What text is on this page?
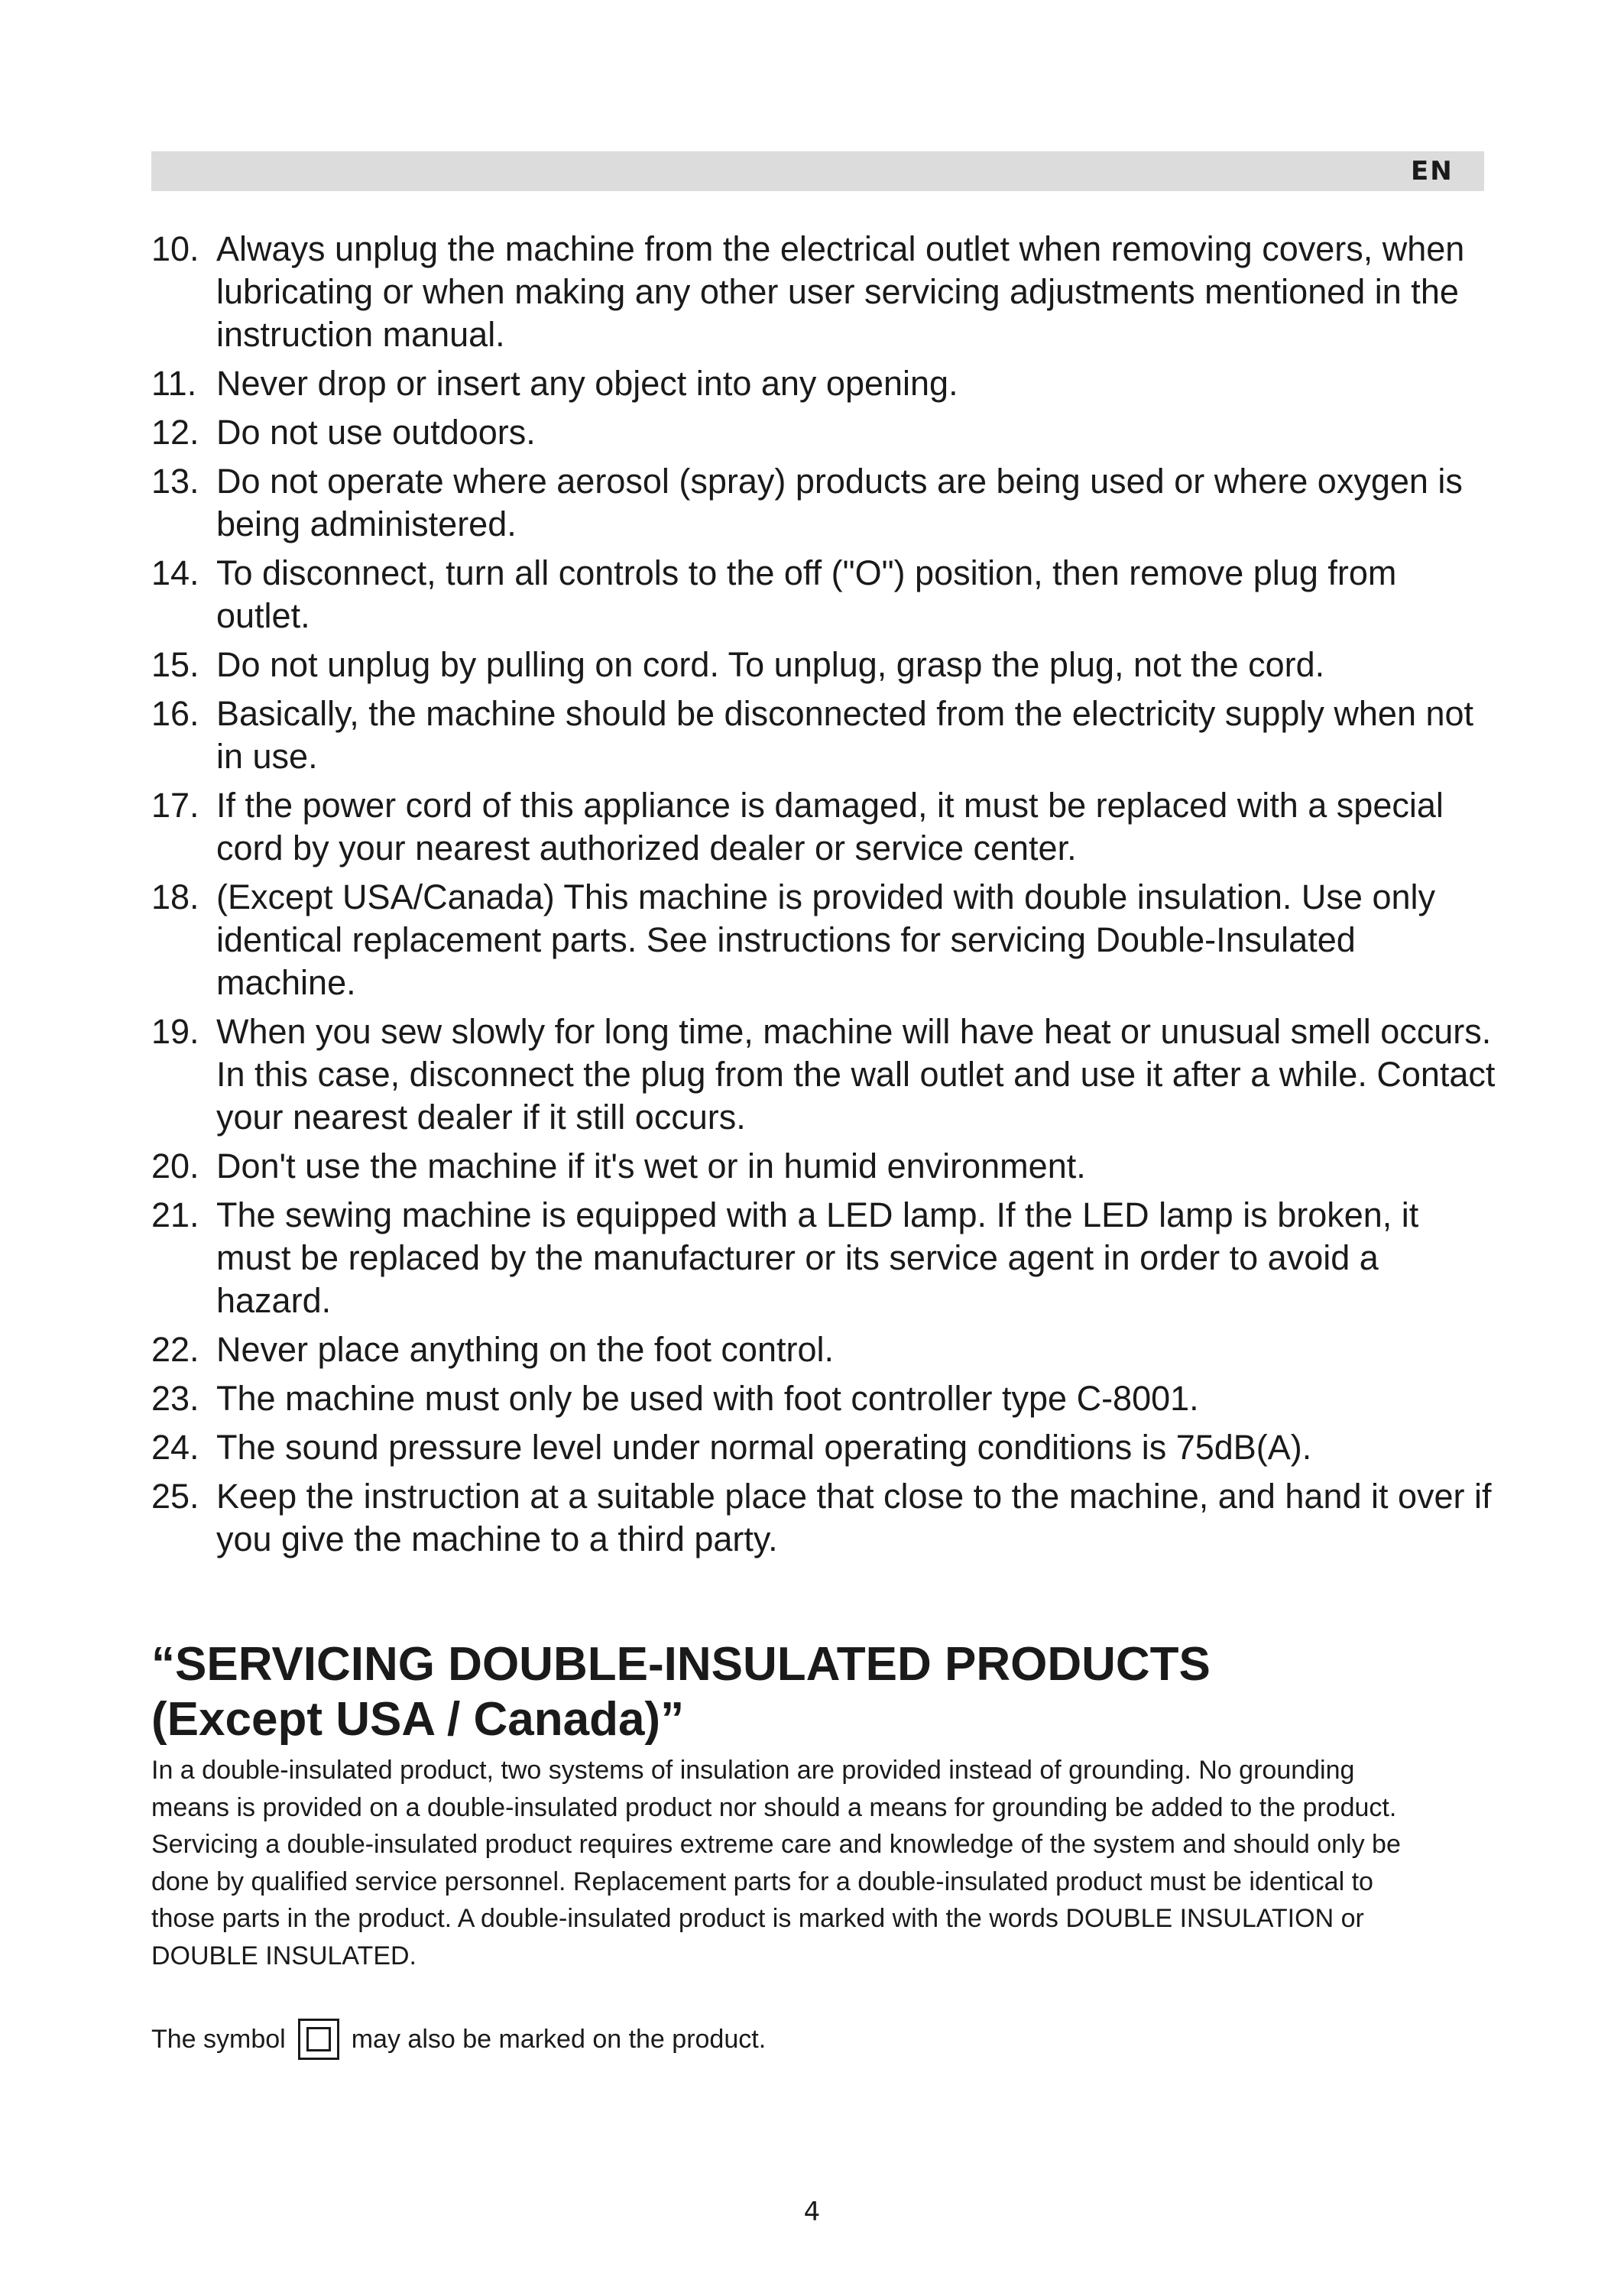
EN
10. Always unplug the machine from the electrical outlet when removing covers, when lubricating or when making any other user servicing adjustments mentioned in the instruction manual.
11. Never drop or insert any object into any opening.
12. Do not use outdoors.
13. Do not operate where aerosol (spray) products are being used or where oxygen is being administered.
14. To disconnect, turn all controls to the off ("O") position, then remove plug from outlet.
15. Do not unplug by pulling on cord. To unplug, grasp the plug, not the cord.
16. Basically, the machine should be disconnected from the electricity supply when not in use.
17. If the power cord of this appliance is damaged, it must be replaced with a special cord by your nearest authorized dealer or service center.
18. (Except USA/Canada) This machine is provided with double insulation. Use only identical replacement parts. See instructions for servicing Double-Insulated machine.
19. When you sew slowly for long time, machine will have heat or unusual smell occurs. In this case, disconnect the plug from the wall outlet and use it after a while. Contact your nearest dealer if it still occurs.
20. Don't use the machine if it's wet or in humid environment.
21. The sewing machine is equipped with a LED lamp. If the LED lamp is broken, it must be replaced by the manufacturer or its service agent in order to avoid a hazard.
22. Never place anything on the foot control.
23. The machine must only be used with foot controller type C-8001.
24. The sound pressure level under normal operating conditions is 75dB(A).
25. Keep the instruction at a suitable place that close to the machine, and hand it over if you give the machine to a third party.
“SERVICING DOUBLE-INSULATED PRODUCTS
(Except USA / Canada)”

In a double-insulated product, two systems of insulation are provided instead of grounding. No grounding means is provided on a double-insulated product nor should a means for grounding be added to the product. Servicing a double-insulated product requires extreme care and knowledge of the system and should only be done by qualified service personnel. Replacement parts for a double-insulated product must be identical to those parts in the product. A double-insulated product is marked with the words DOUBLE INSULATION or DOUBLE INSULATED.

The symbol	may also be marked on the product.
4
